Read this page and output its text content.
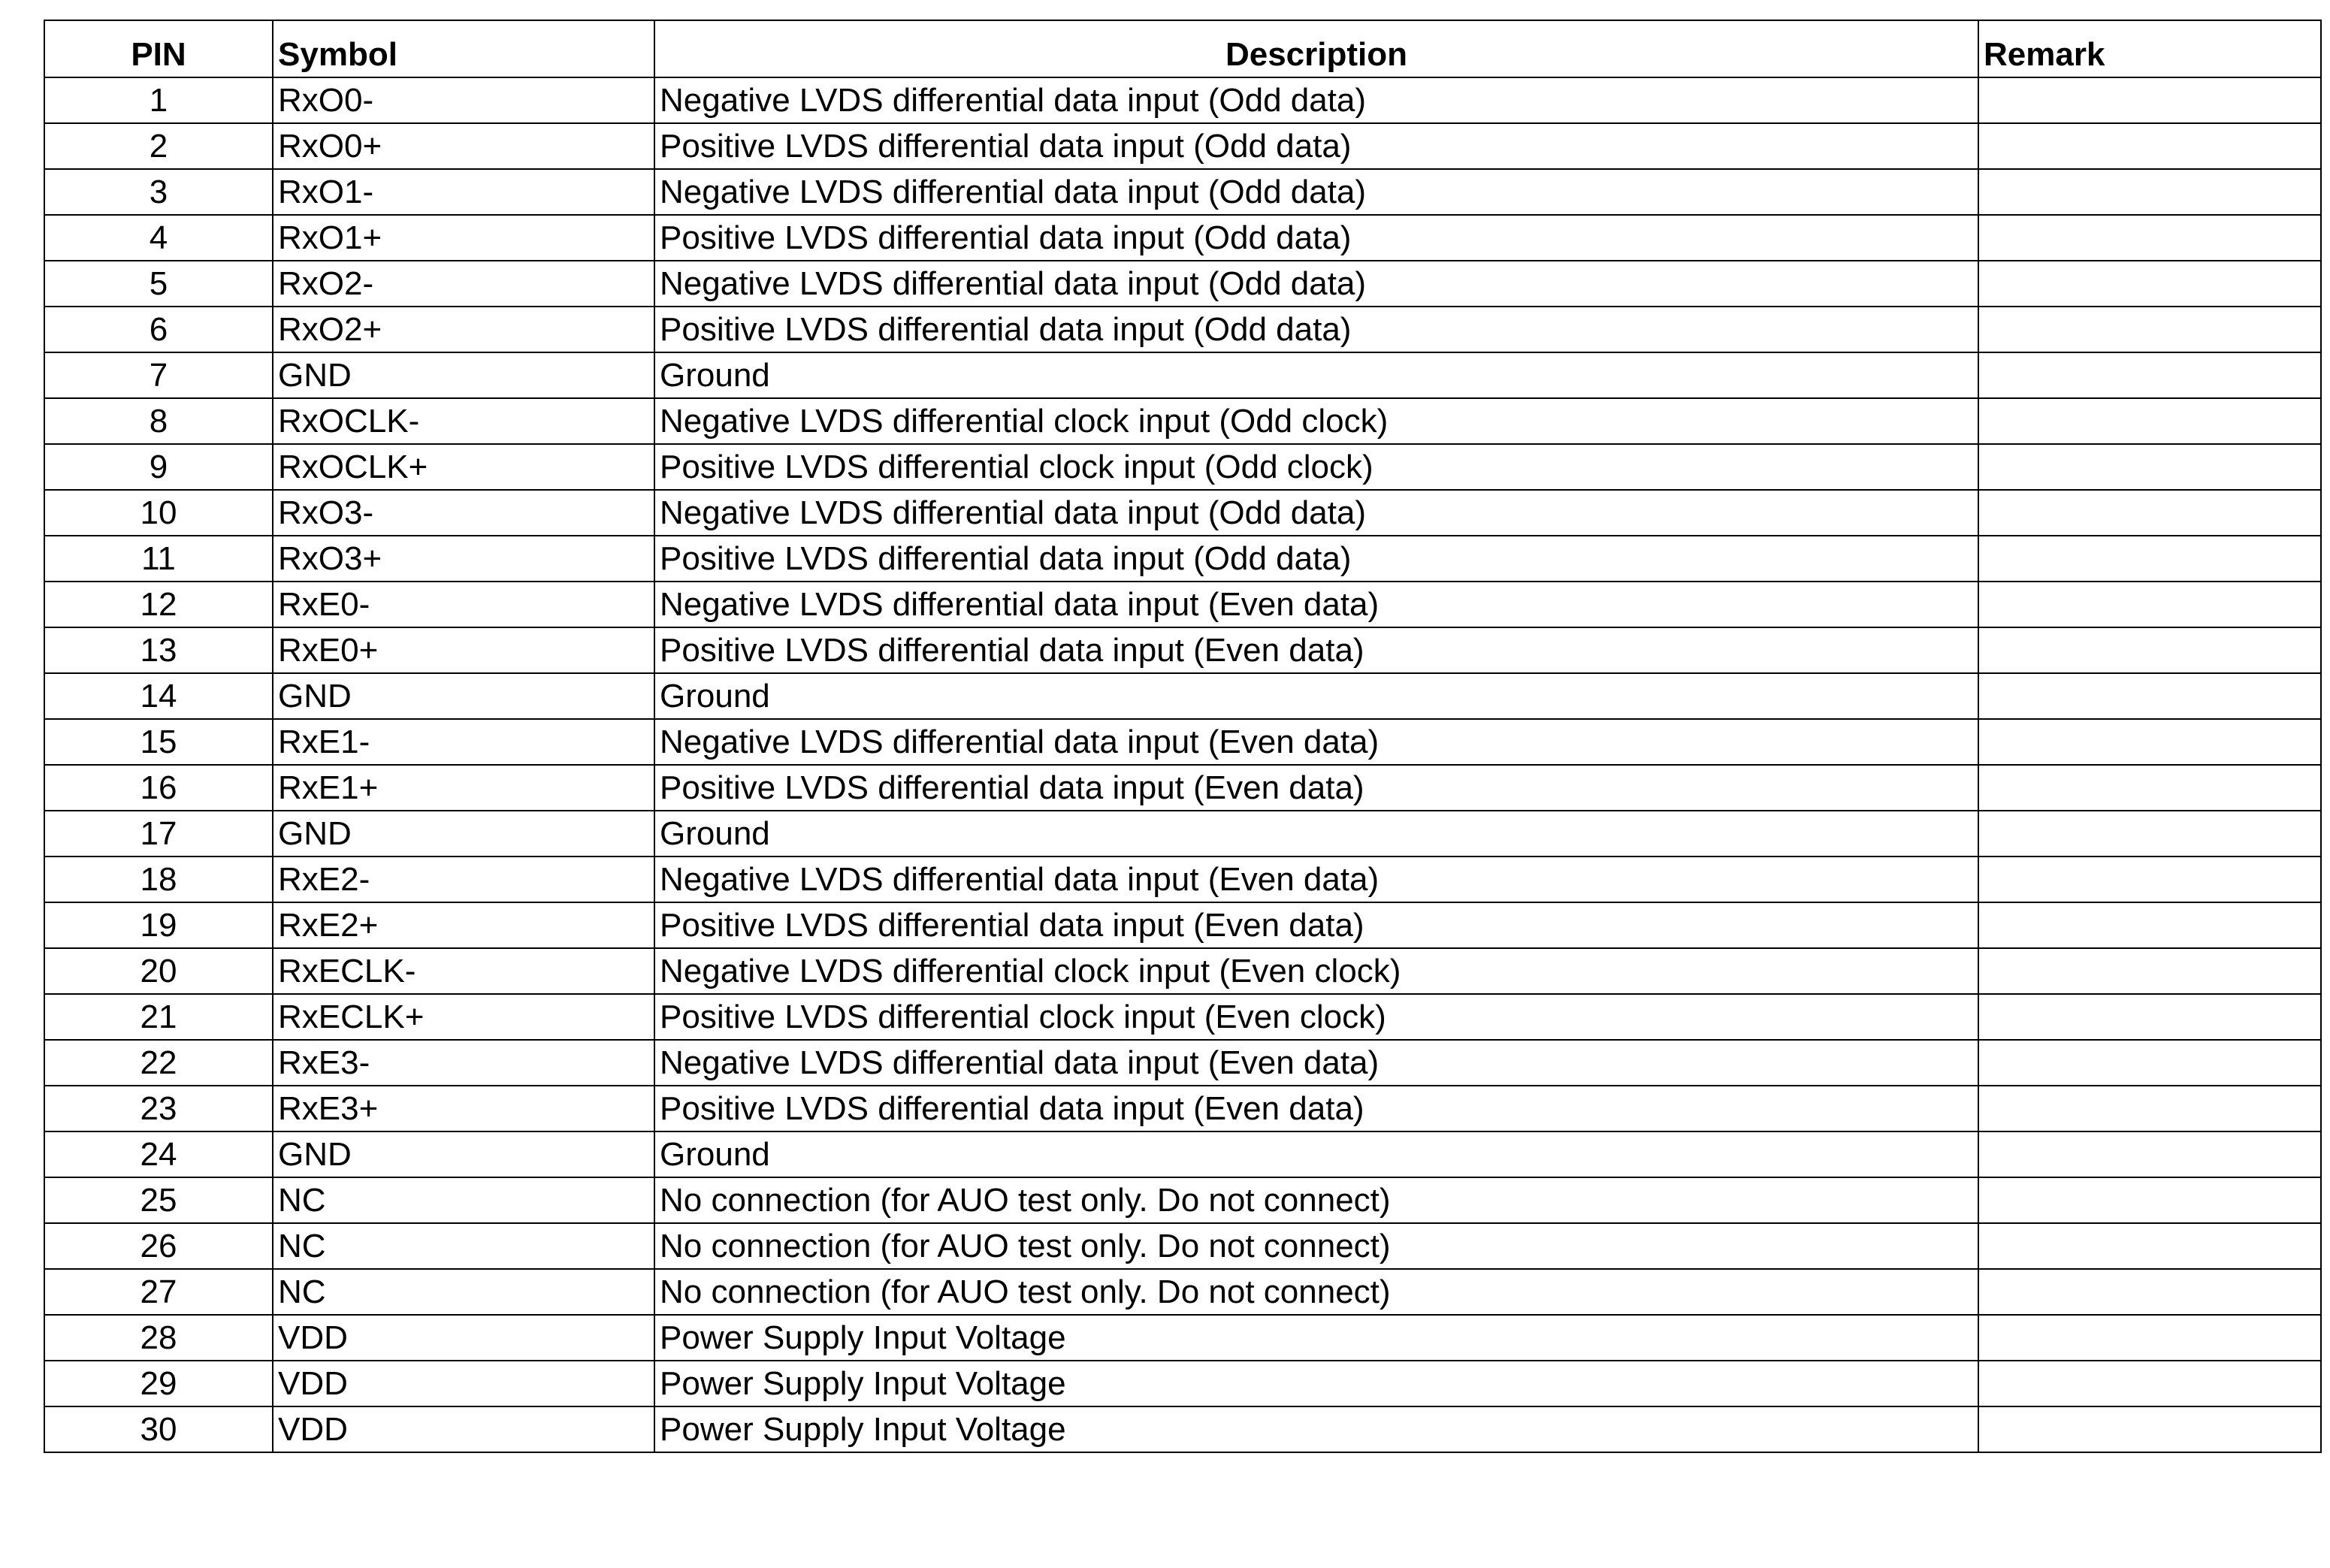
PIN	Symbol	Description	Remark
1	RxO0-	Negative LVDS differential data input (Odd data)	
2	RxO0+	Positive LVDS differential data input (Odd data)	
3	RxO1-	Negative LVDS differential data input (Odd data)	
4	RxO1+	Positive LVDS differential data input (Odd data)	
5	RxO2-	Negative LVDS differential data input (Odd data)	
6	RxO2+	Positive LVDS differential data input (Odd data)	
7	GND	Ground	
8	RxOCLK-	Negative LVDS differential clock input (Odd clock)	
9	RxOCLK+	Positive LVDS differential clock input (Odd clock)	
10	RxO3-	Negative LVDS differential data input (Odd data)	
11	RxO3+	Positive LVDS differential data input (Odd data)	
12	RxE0-	Negative LVDS differential data input (Even data)	
13	RxE0+	Positive LVDS differential data input (Even data)	
14	GND	Ground	
15	RxE1-	Negative LVDS differential data input (Even data)	
16	RxE1+	Positive LVDS differential data input (Even data)	
17	GND	Ground	
18	RxE2-	Negative LVDS differential data input (Even data)	
19	RxE2+	Positive LVDS differential data input (Even data)	
20	RxECLK-	Negative LVDS differential clock input (Even clock)	
21	RxECLK+	Positive LVDS differential clock input (Even clock)	
22	RxE3-	Negative LVDS differential data input (Even data)	
23	RxE3+	Positive LVDS differential data input (Even data)	
24	GND	Ground	
25	NC	No connection (for AUO test only. Do not connect)	
26	NC	No connection (for AUO test only. Do not connect)	
27	NC	No connection (for AUO test only. Do not connect)	
28	VDD	Power Supply Input Voltage	
29	VDD	Power Supply Input Voltage	
30	VDD	Power Supply Input Voltage	
